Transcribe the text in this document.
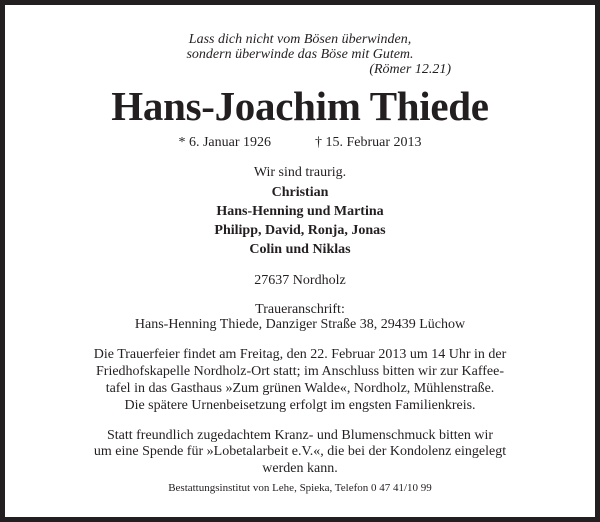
Lass dich nicht vom Bösen überwinden,
sondern überwinde das Böse mit Gutem.
(Römer 12.21)
Hans-Joachim Thiede
* 6. Januar 1926	† 15. Februar 2013
Wir sind traurig.
Christian
Hans-Henning und Martina
Philipp, David, Ronja, Jonas
Colin und Niklas
27637 Nordholz
Traueranschrift:
Hans-Henning Thiede, Danziger Straße 38, 29439 Lüchow
Die Trauerfeier findet am Freitag, den 22. Februar 2013 um 14 Uhr in der
Friedhofskapelle Nordholz-Ort statt; im Anschluss bitten wir zur Kaffee-
tafel in das Gasthaus »Zum grünen Walde«, Nordholz, Mühlenstraße.
Die spätere Urnenbeisetzung erfolgt im engsten Familienkreis.
Statt freundlich zugedachtem Kranz- und Blumenschmuck bitten wir
um eine Spende für »Lobetalarbeit e.V.«, die bei der Kondolenz eingelegt
werden kann.
Bestattungsinstitut von Lehe, Spieka, Telefon 0 47 41/10 99
